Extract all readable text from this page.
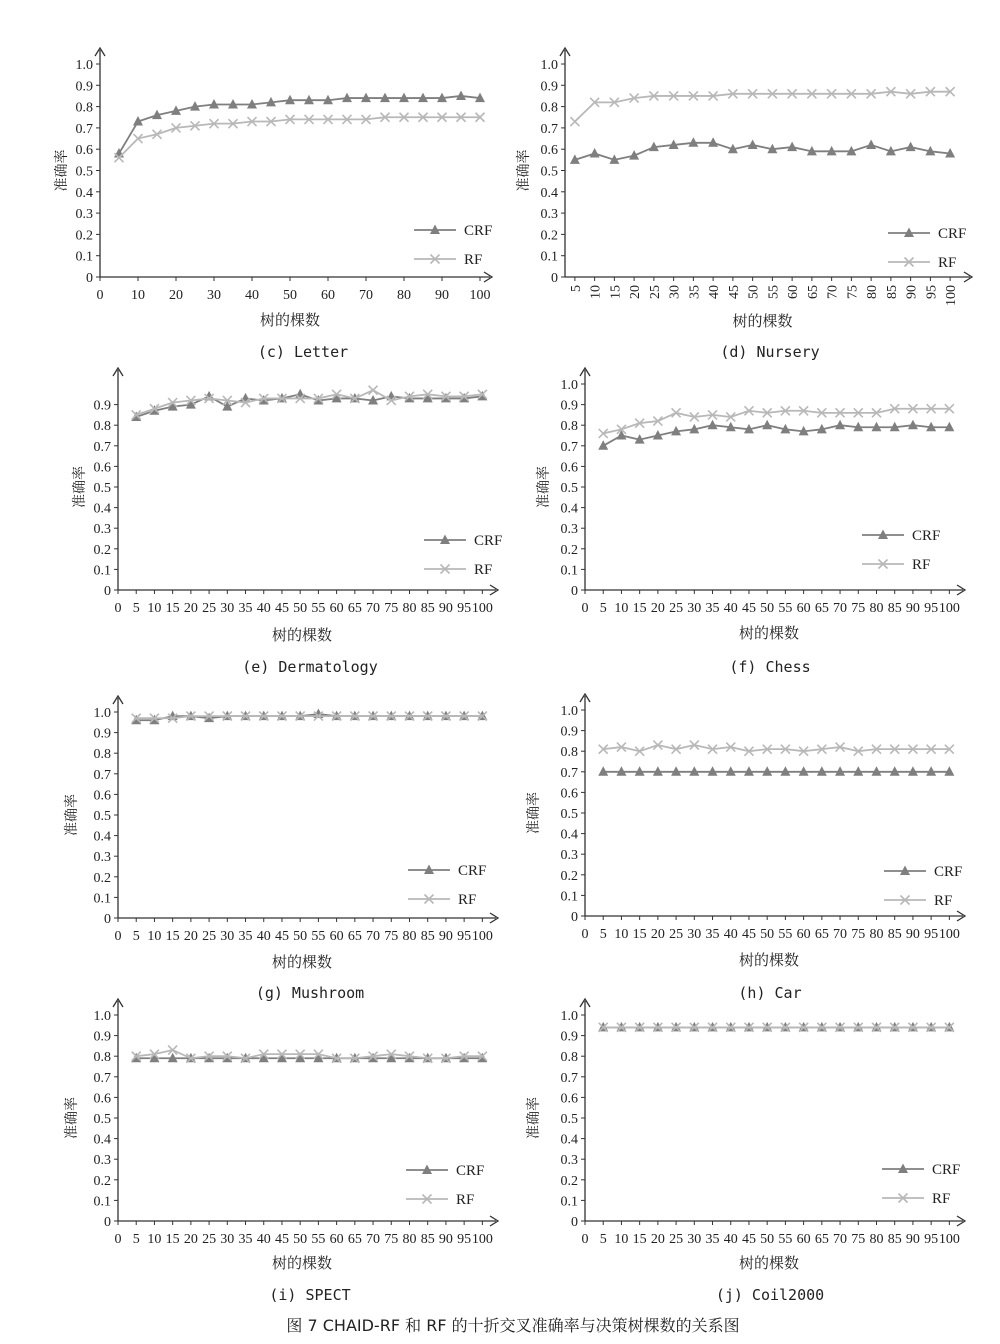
0
0.1
0.2
0.3
0.4
0.5
0.6
0.7
0.8
0.9
1.0
0 10 20 30 40 50 60 70 80 90 100
树的棵数
准确率
CRF
RF
(c) Letter
0
0.1
0.2
0.3
0.4
0.5
0.6
0.7
0.8
0.9
1.0
5 10 15 20 25 30 35 40 45 50 55 60 65 70 75 80 85 90 95 100
树的棵数
准确率
CRF
RF
(d) Nursery
0
0.1
0.2
0.3
0.4
0.5
0.6
0.7
0.8
0.9
0 5 10 15 20 25 30 35 40 45 50 55 60 65 70 75 80 85 90 95 100
树的棵数
准确率
CRF
RF
(e) Dermatology
0
0.1
0.2
0.3
0.4
0.5
0.6
0.7
0.8
0.9
1.0
0 5 10 15 20 25 30 35 40 45 50 55 60 65 70 75 80 85 90 95 100
树的棵数
准确率
CRF
RF
(f) Chess
0
0.1
0.2
0.3
0.4
0.5
0.6
0.7
0.8
0.9
1.0
0 5 10 15 20 25 30 35 40 45 50 55 60 65 70 75 80 85 90 95 100
树的棵数
准确率
CRF
RF
(g) Mushroom
0
0.1
0.2
0.3
0.4
0.5
0.6
0.7
0.8
0.9
1.0
0 5 10 15 20 25 30 35 40 45 50 55 60 65 70 75 80 85 90 95 100
树的棵数
准确率
CRF
RF
(h) Car
0
0.1
0.2
0.3
0.4
0.5
0.6
0.7
0.8
0.9
1.0
0 5 10 15 20 25 30 35 40 45 50 55 60 65 70 75 80 85 90 95 100
树的棵数
准确率
CRF
RF
(i) SPECT
0
0.1
0.2
0.3
0.4
0.5
0.6
0.7
0.8
0.9
1.0
0 5 10 15 20 25 30 35 40 45 50 55 60 65 70 75 80 85 90 95 100
树的棵数
准确率
CRF
RF
(j) Coil2000
图 7 CHAID-RF 和 RF 的十折交叉准确率与决策树棵数的关系图
